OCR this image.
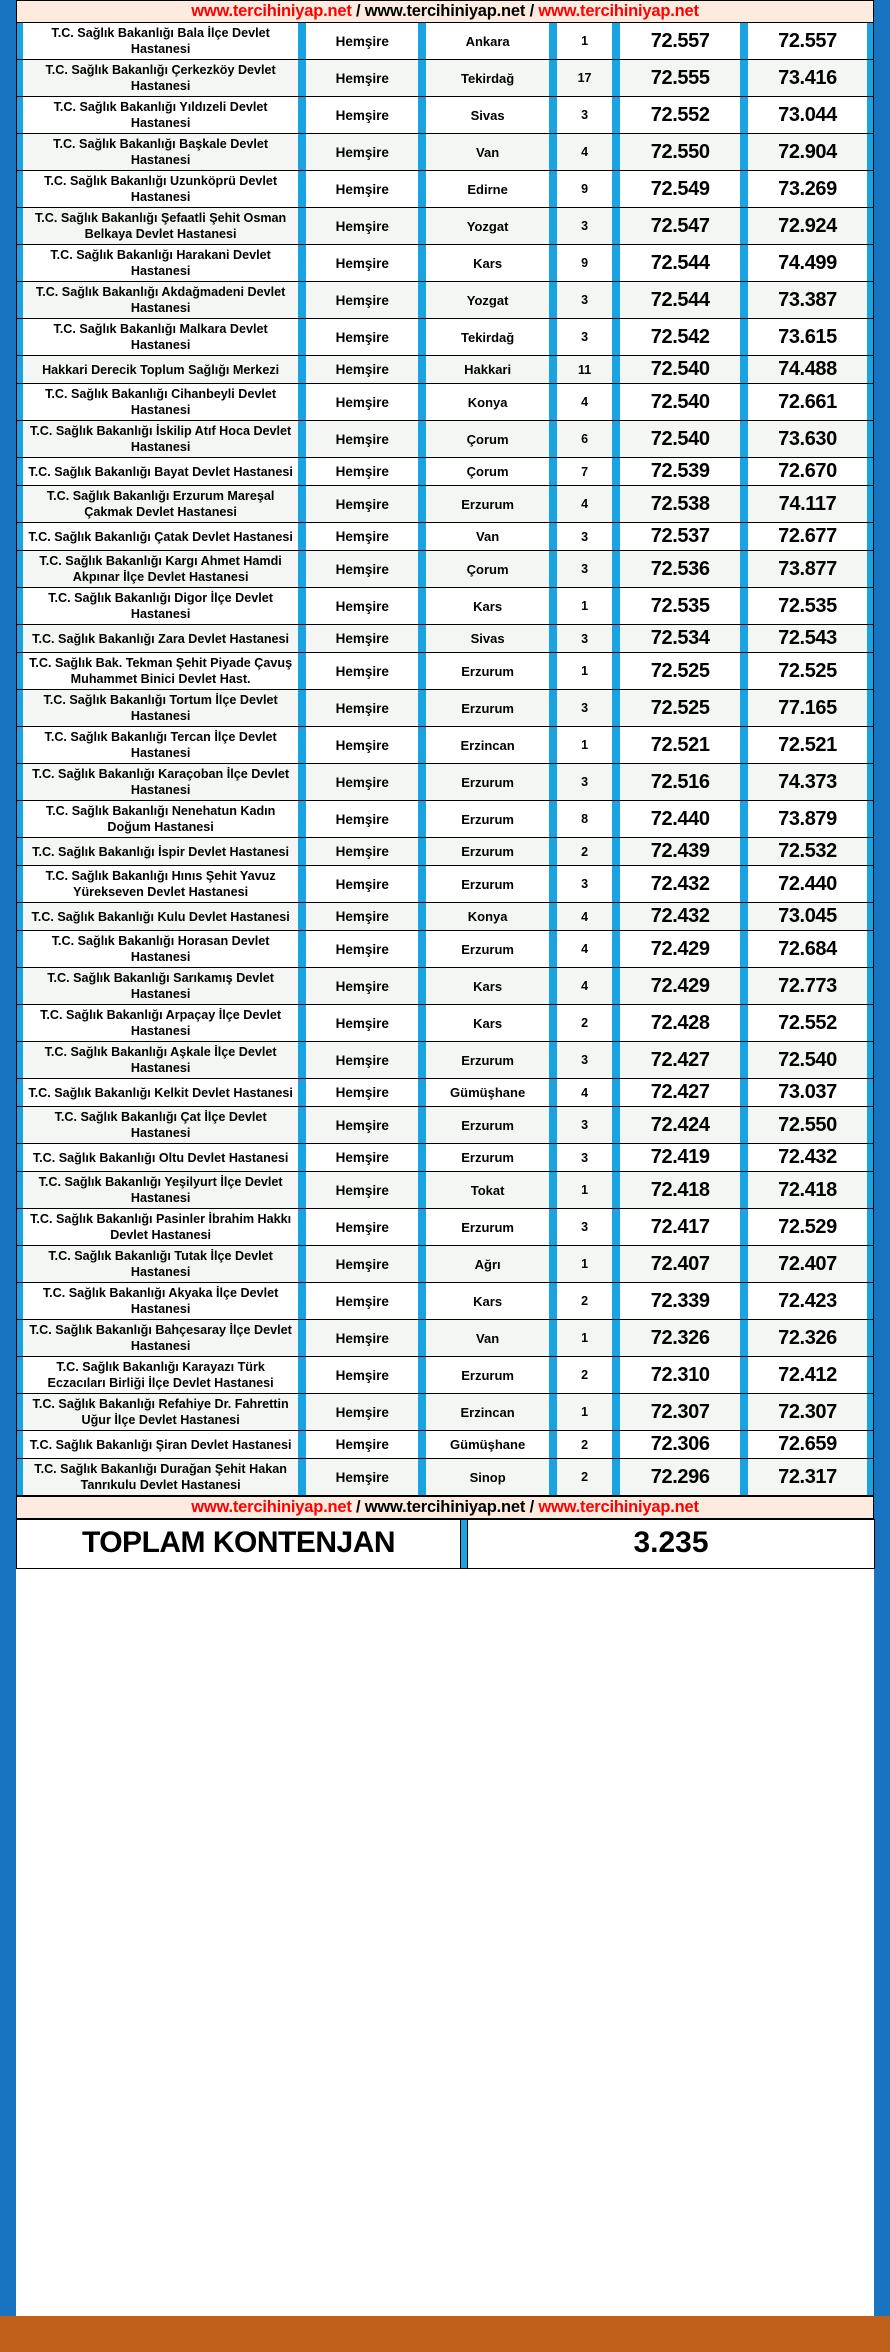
www.tercihiniyap.net / www.tercihiniyap.net / www.tercihiniyap.net
	T.C. Sağlık Bakanlığı Bala İlçe Devlet Hastanesi		Hemşire		Ankara		1		72.557		72.557	
	T.C. Sağlık Bakanlığı Çerkezköy Devlet Hastanesi		Hemşire		Tekirdağ		17		72.555		73.416	
	T.C. Sağlık Bakanlığı Yıldızeli Devlet Hastanesi		Hemşire		Sivas		3		72.552		73.044	
	T.C. Sağlık Bakanlığı Başkale Devlet Hastanesi		Hemşire		Van		4		72.550		72.904	
	T.C. Sağlık Bakanlığı Uzunköprü Devlet Hastanesi		Hemşire		Edirne		9		72.549		73.269	
	T.C. Sağlık Bakanlığı Şefaatli Şehit Osman Belkaya Devlet Hastanesi		Hemşire		Yozgat		3		72.547		72.924	
	T.C. Sağlık Bakanlığı Harakani Devlet Hastanesi		Hemşire		Kars		9		72.544		74.499	
	T.C. Sağlık Bakanlığı Akdağmadeni Devlet Hastanesi		Hemşire		Yozgat		3		72.544		73.387	
	T.C. Sağlık Bakanlığı Malkara Devlet Hastanesi		Hemşire		Tekirdağ		3		72.542		73.615	
	Hakkari Derecik Toplum Sağlığı Merkezi		Hemşire		Hakkari		11		72.540		74.488	
	T.C. Sağlık Bakanlığı Cihanbeyli Devlet Hastanesi		Hemşire		Konya		4		72.540		72.661	
	T.C. Sağlık Bakanlığı İskilip Atıf Hoca Devlet Hastanesi		Hemşire		Çorum		6		72.540		73.630	
	T.C. Sağlık Bakanlığı Bayat Devlet Hastanesi		Hemşire		Çorum		7		72.539		72.670	
	T.C. Sağlık Bakanlığı Erzurum Mareşal Çakmak Devlet Hastanesi		Hemşire		Erzurum		4		72.538		74.117	
	T.C. Sağlık Bakanlığı Çatak Devlet Hastanesi		Hemşire		Van		3		72.537		72.677	
	T.C. Sağlık Bakanlığı Kargı Ahmet Hamdi Akpınar İlçe Devlet Hastanesi		Hemşire		Çorum		3		72.536		73.877	
	T.C. Sağlık Bakanlığı Digor İlçe Devlet Hastanesi		Hemşire		Kars		1		72.535		72.535	
	T.C. Sağlık Bakanlığı Zara Devlet Hastanesi		Hemşire		Sivas		3		72.534		72.543	
	T.C. Sağlık Bak. Tekman Şehit Piyade Çavuş Muhammet Binici Devlet Hast.		Hemşire		Erzurum		1		72.525		72.525	
	T.C. Sağlık Bakanlığı Tortum İlçe Devlet Hastanesi		Hemşire		Erzurum		3		72.525		77.165	
	T.C. Sağlık Bakanlığı Tercan İlçe Devlet Hastanesi		Hemşire		Erzincan		1		72.521		72.521	
	T.C. Sağlık Bakanlığı Karaçoban İlçe Devlet Hastanesi		Hemşire		Erzurum		3		72.516		74.373	
	T.C. Sağlık Bakanlığı Nenehatun Kadın Doğum Hastanesi		Hemşire		Erzurum		8		72.440		73.879	
	T.C. Sağlık Bakanlığı İspir Devlet Hastanesi		Hemşire		Erzurum		2		72.439		72.532	
	T.C. Sağlık Bakanlığı Hınıs Şehit Yavuz Yürekseven Devlet Hastanesi		Hemşire		Erzurum		3		72.432		72.440	
	T.C. Sağlık Bakanlığı Kulu Devlet Hastanesi		Hemşire		Konya		4		72.432		73.045	
	T.C. Sağlık Bakanlığı Horasan Devlet Hastanesi		Hemşire		Erzurum		4		72.429		72.684	
	T.C. Sağlık Bakanlığı Sarıkamış Devlet Hastanesi		Hemşire		Kars		4		72.429		72.773	
	T.C. Sağlık Bakanlığı Arpaçay İlçe Devlet Hastanesi		Hemşire		Kars		2		72.428		72.552	
	T.C. Sağlık Bakanlığı Aşkale İlçe Devlet Hastanesi		Hemşire		Erzurum		3		72.427		72.540	
	T.C. Sağlık Bakanlığı Kelkit Devlet Hastanesi		Hemşire		Gümüşhane		4		72.427		73.037	
	T.C. Sağlık Bakanlığı Çat İlçe Devlet Hastanesi		Hemşire		Erzurum		3		72.424		72.550	
	T.C. Sağlık Bakanlığı Oltu Devlet Hastanesi		Hemşire		Erzurum		3		72.419		72.432	
	T.C. Sağlık Bakanlığı Yeşilyurt İlçe Devlet Hastanesi		Hemşire		Tokat		1		72.418		72.418	
	T.C. Sağlık Bakanlığı Pasinler İbrahim Hakkı Devlet Hastanesi		Hemşire		Erzurum		3		72.417		72.529	
	T.C. Sağlık Bakanlığı Tutak İlçe Devlet Hastanesi		Hemşire		Ağrı		1		72.407		72.407	
	T.C. Sağlık Bakanlığı Akyaka İlçe Devlet Hastanesi		Hemşire		Kars		2		72.339		72.423	
	T.C. Sağlık Bakanlığı Bahçesaray İlçe Devlet Hastanesi		Hemşire		Van		1		72.326		72.326	
	T.C. Sağlık Bakanlığı Karayazı Türk Eczacıları Birliği İlçe Devlet Hastanesi		Hemşire		Erzurum		2		72.310		72.412	
	T.C. Sağlık Bakanlığı Refahiye Dr. Fahrettin Uğur İlçe Devlet Hastanesi		Hemşire		Erzincan		1		72.307		72.307	
	T.C. Sağlık Bakanlığı Şiran Devlet Hastanesi		Hemşire		Gümüşhane		2		72.306		72.659	
	T.C. Sağlık Bakanlığı Durağan Şehit Hakan Tanrıkulu Devlet Hastanesi		Hemşire		Sinop		2		72.296		72.317	
www.tercihiniyap.net / www.tercihiniyap.net / www.tercihiniyap.net
TOPLAM KONTENJAN		3.235
